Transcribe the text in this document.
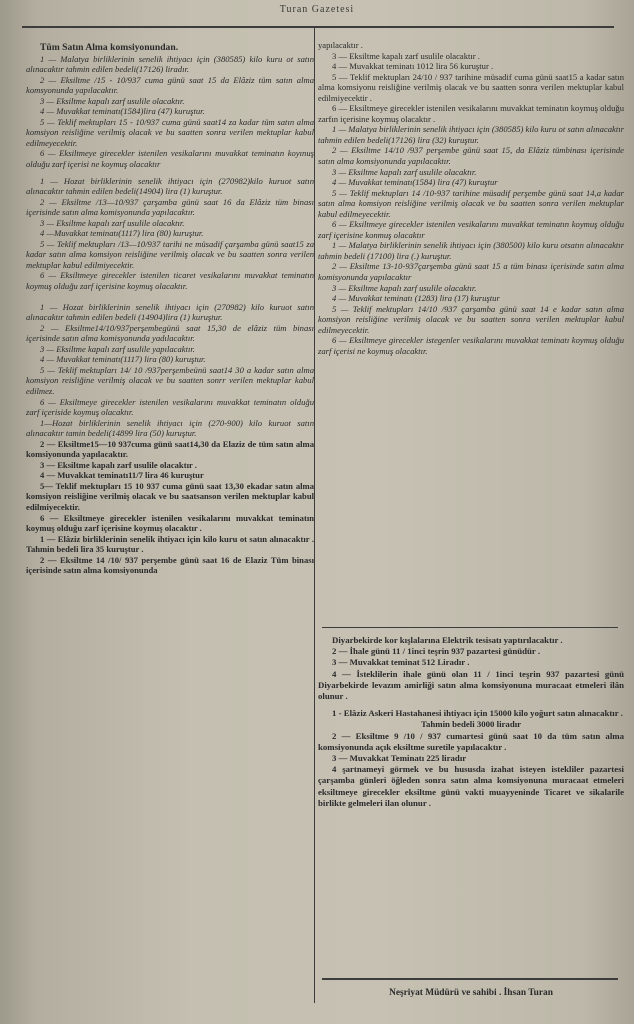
Turan Gazetesi

Tüm Satın Alma komsiyonundan.

1 — Malatya birliklerinin senelik ihtiyacı için (380585) kilo kuru ot satın alınacaktır tahmin edilen bedeli(17126) liradır.

2 — Eksiltme /15 - 10/937 cuma günü saat 15 da Elâziz tüm satın alma komsyonunda yapılacaktır.

3 — Eksiltme kapalı zarf usulile olacaktır.

4 — Muvakkat teminatı(1584)lira (47) kuruştur.

5 — Teklif mektupları 15 - 10/937 cuma günü saat14 za kadar tüm satın alma komsiyon reisliğine verilmiş olacak ve bu saatten sonra verilen mektuplar kabul edilmeyecektir.

6 — Eksiltmeye girecekler istenilen vesikalarını muvakkat teminatın koyınuş olduğu zarf içerisi ne koymuş olacaktır

1 — Hozat birliklerinin senelik ihtiyacı için (270982)kilo kuruot satın alınacaktır tahmin edilen bedeli(14904) lira (1) kuruştur.

2 — Eksiltme /13—10/937 çarşamba günü saat 16 da Elâziz tüm binası içerisinde satın alma komisyonunda yapılacaktır.

3 — Eksiltme kapalı zarf usulile olacaktır.

4 —Muvakkat teminatı(1117) lira (80) kuruştur.

5 — Teklif mektupları /13—10/937 tarihi ne müsadif çarşamba günü saat15 za kadar satın alma komsiyon reisliğine verilmiş olacak ve bu saatten sonra verilen mektuplar kabul edilmiyecektir.

6 — Eksiltmeye girecekler istenilen ticaret vesikalarını muvakkat teminatın koymuş olduğu zarf içerisine koymuş olacaktır.

1 — Hozat birliklerinin senelik ihtiyacı için (270982) kilo kuruot satın alınacaktır tahmin edilen bedeli (14904)lira (1) kuruştur.

2 — Eksiltme14/10/937perşembegünü saat 15,30 de elâziz tüm binası içerisinde satın alma komisyonunda yadılacaktır.

3 — Eksiltme kapalı zarf usulile yapılacaktır.

4 — Muvakkat teminatı(1117) lira (80) kuruştur.

5 — Teklif mektupları 14/ 10 /937perşembeünü saat14 30 a kadar satın alma komsiyon reisliğine verilmiş olacak ve bu saatten sonrr verilen mektuplar kabul edilmez.

6 — Eksiltmeye girecekler istenilen vesikalarını muvakkat teminatın olduğu zarf içeriside koymuş olacaktır.

1—Hozat birliklerinin senelik ihtiyacı için (270-900) kilo kuruot satın alınacaktır tamin bedeli(14899 lira (50) kuruştur.

2 — Eksiltme15—10 937cuma günü saat14,30 da Elaziz de tüm satın alma komsiyonunda yapılacaktır.

3 — Eksiltme kapalı zarf usulile olacaktır .

4 — Muvakkat teminatı11/7 lira 46 kuruştur

5— Teklif mektupları 15 10 937 cuma günü saat 13,30 ekadar satın alma komsiyon reisliğine verilmiş olacak ve bu saatsanson verilen mektuplar kabul edilmiyecektir.

6 — Eksiltmeye girecekler istenilen vesikalarını muvakkat teminatın koymuş olduğu zarf içerisine koymuş olacaktır .

1 — Elâziz birliklerinin senelik ihtiyacı için kilo kuru ot satın alınacaktır . Tahmin bedeli lira 35 kuruştur .

2 — Eksiltme 14 /10/ 937 perşembe günü saat 16 de Elaziz Tüm binası içerisinde satın alma komsiyonunda

yapılacaktır .

3 — Eksiltme kapalı zarf usulile olacaktır .

4 — Muvakkat teminatı 1012 lira 56 kuruştur .

5 — Teklif mektupları 24/10 / 937 tarihine müsadif cuma günü saat15 a kadar satın alma komsiyonu reisliğine verilmiş olacak ve bu saatten sonra verilen mektuplar kabul edilmiyecektir .

6 — Eksiltmeye girecekler istenilen vesikalarını muvakkat teminatın koymuş olduğu zarfın içerisine koymuş olacaktır .

1 — Malatya birliklerinin senelik ihtiyacı için (380585) kilo kuru ot satın alınacaktır tahmin edilen bedeli(17126) lira (32) kuruştur.

2 — Eksiltme 14/10 /937 perşembe günü saat 15, da Elâziz tümbinası içerisinde satın alma komsiyonunda yapılacaktır.

3 — Eksiltme kapalı zarf usulile olacaktır.

4 — Muvakkat teminatı(1584) lira (47) kuruştur

5 — Teklif mektupları 14 /10-937 tarihine müsadif perşembe günü saat 14,a kadar satın alma komsiyon reisliğine verilmiş olacak ve bu saatten sonra verilen mektuplar kabul edilmeyecektir.

6 — Eksiltmeye girecekler istenilen vesikalarını muvakkat teminatın koymuş olduğu zarf içerisine konmuş olacaktır

1 — Malatya birliklerinin senelik ihtiyacı için (380500) kilo kuru otsatın alınacaktır tahmin bedeli (17100) lira (.) kuruştur.

2 — Eksiltme 13-10-937çarşemba günü saat 15 a tüm binası içerisinde satın alma komisyonunda yapılacaktır

3 — Eksiltme kapalı zarf usulile olacaktır.

4 — Muvakkat teminatı (1283) lira (17) kuruştur

5 — Teklif mektupları 14/10 /937 çarşamba günü saat 14 e kadar satın alma komsiyon reisliğine verilmiş olacak ve bu saatten sonra verilen mektuplar kabul edilmeyecektir.

6 — Eksiltmeye girecekler istegenler vesikalarını muvakkat teminatı koymuş olduğu zarf içerisi ne koymuş olacaktır.

Diyarbekirde kor kışlalarına Elektrik tesisatı yaptırılacaktır .

2 — İhale günü 11 / 1inci teşrin 937 pazartesi günüdür .

3 — Muvakkat teminat 512 Liradır .

4 — İsteklilerin ihale günü olan 11 / 1inci teşrin 937 pazartesi günü Diyarbekirde levazım amirliği satın alma komsiyonuna muracaat etmeleri ilân olunur .

1 - Elâziz Askeri Hastahanesi ihtiyacı için 15000 kilo yoğurt satın alınacaktır .

Tahmin bedeli 3000 liradır

2 — Eksiltme 9 /10 / 937 cumartesi günü saat 10 da tüm satın alma komsiyonunda açık eksiltme suretile yapılacaktır .

3 — Muvakkat Teminatı 225 liradır

4 şartnameyi görmek ve bu hususda izahat isteyen istekliler pazartesi çarşamba günleri öğleden sonra satın alma komsiyonuna muracaat etmeleri eksiltmeye girecekler eksiltme günü vakti muayyeninde Ticaret ve sikalarile birlikte gelmeleri ilan olunur .

Neşriyat Müdürü ve sahibi . İhsan Turan
